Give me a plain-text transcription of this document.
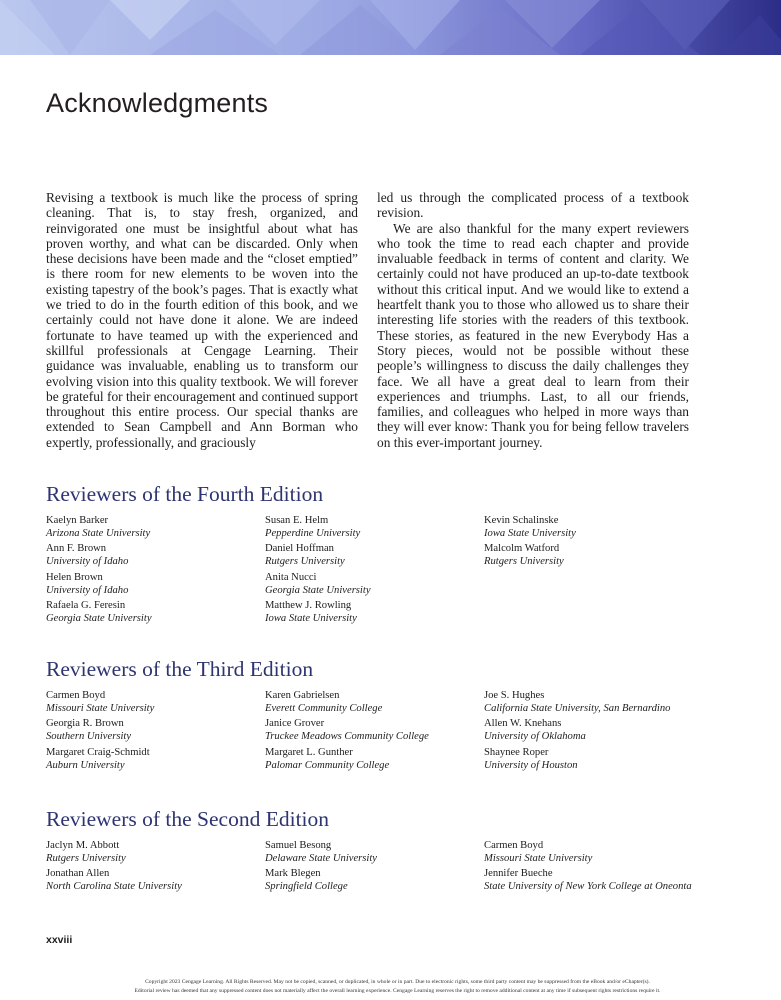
Acknowledgments

Revising a textbook is much like the process of spring cleaning. That is, to stay fresh, organized, and reinvigorated one must be insightful about what has proven worthy, and what can be discarded. Only when these decisions have been made and the “closet emptied” is there room for new elements to be woven into the existing tapestry of the book’s pages. That is exactly what we tried to do in the fourth edition of this book, and we certainly could not have done it alone. We are indeed fortunate to have teamed up with the experienced and skillful professionals at Cengage Learning. Their guidance was invaluable, enabling us to transform our evolving vision into this quality textbook. We will forever be grateful for their encouragement and continued support throughout this entire process. Our special thanks are extended to Sean Campbell and Ann Borman who expertly, professionally, and graciously

led us through the complicated process of a textbook revision.

We are also thankful for the many expert reviewers who took the time to read each chapter and provide invaluable feedback in terms of content and clarity. We certainly could not have produced an up-to-date textbook without this critical input. And we would like to extend a heartfelt thank you to those who allowed us to share their interesting life stories with the readers of this textbook. These stories, as featured in the new Everybody Has a Story pieces, would not be possible without these people’s willingness to discuss the daily challenges they face. We all have a great deal to learn from their experiences and triumphs. Last, to all our friends, families, and colleagues who helped in more ways than they will ever know: Thank you for being fellow travelers on this ever-important journey.

Reviewers of the Fourth Edition
Kaelyn Barker
Arizona State University
Ann F. Brown
University of Idaho
Helen Brown
University of Idaho
Rafaela G. Feresin
Georgia State University
Susan E. Helm
Pepperdine University
Daniel Hoffman
Rutgers University
Anita Nucci
Georgia State University
Matthew J. Rowling
Iowa State University
Kevin Schalinske
Iowa State University
Malcolm Watford
Rutgers University
Reviewers of the Third Edition
Carmen Boyd
Missouri State University
Georgia R. Brown
Southern University
Margaret Craig-Schmidt
Auburn University
Karen Gabrielsen
Everett Community College
Janice Grover
Truckee Meadows Community College
Margaret L. Gunther
Palomar Community College
Joe S. Hughes
California State University, San Bernardino
Allen W. Knehans
University of Oklahoma
Shaynee Roper
University of Houston
Reviewers of the Second Edition
Jaclyn M. Abbott
Rutgers University
Jonathan Allen
North Carolina State University
Samuel Besong
Delaware State University
Mark Blegen
Springfield College
Carmen Boyd
Missouri State University
Jennifer Bueche
State University of New York College at Oneonta
xxviii
Copyright 2023 Cengage Learning. All Rights Reserved. May not be copied, scanned, or duplicated, in whole or in part. Due to electronic rights, some third party content may be suppressed from the eBook and/or eChapter(s).
Editorial review has deemed that any suppressed content does not materially affect the overall learning experience. Cengage Learning reserves the right to remove additional content at any time if subsequent rights restrictions require it.
